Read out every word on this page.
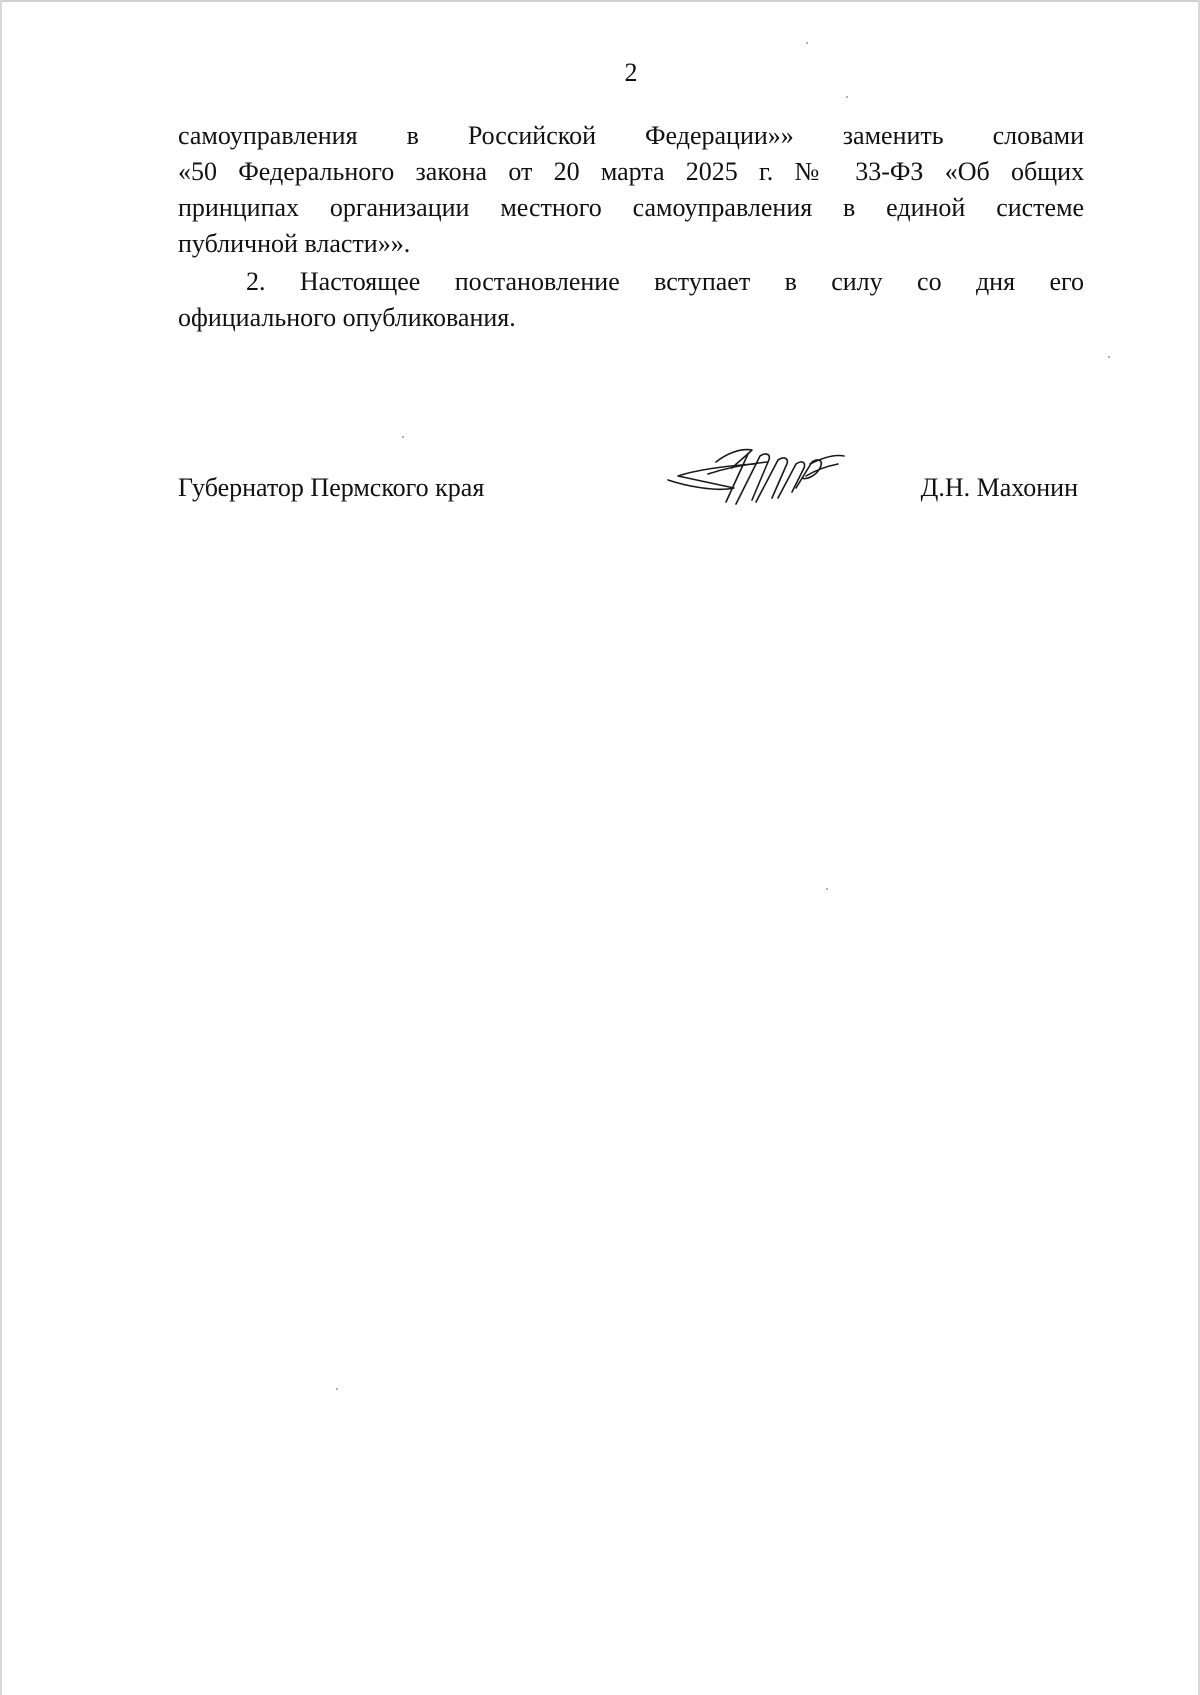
2
самоуправления в Российской Федерации»» заменить словами
«50 Федерального закона от 20 марта 2025 г. № 33-ФЗ «Об общих
принципах организации местного самоуправления в единой системе
публичной власти»».
2. Настоящее постановление вступает в силу со дня его
официального опубликования.
Губернатор Пермского края	Д.Н. Махонин
